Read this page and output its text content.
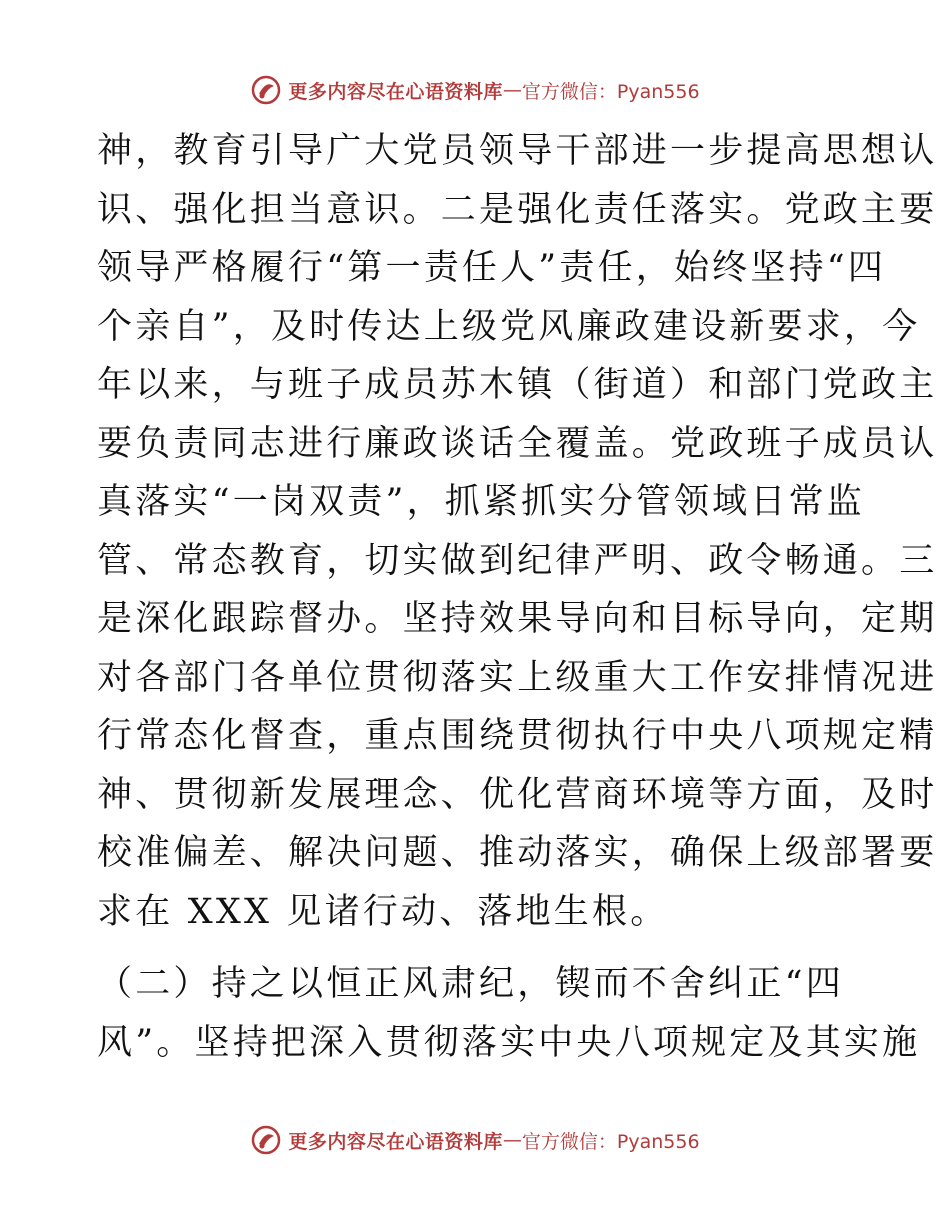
更多内容尽在心语资料库 — 官方微信：Pyan556
神，教育引导广大党员领导干部进一步提高思想认
识、强化担当意识。二是强化责任落实。党政主要
领导严格履行“第一责任人”责任，始终坚持“四
个亲自”，及时传达上级党风廉政建设新要求，今
年以来，与班子成员苏木镇（街道）和部门党政主
要负责同志进行廉政谈话全覆盖。党政班子成员认
真落实“一岗双责”，抓紧抓实分管领域日常监
管、常态教育，切实做到纪律严明、政令畅通。三
是深化跟踪督办。坚持效果导向和目标导向，定期
对各部门各单位贯彻落实上级重大工作安排情况进
行常态化督查，重点围绕贯彻执行中央八项规定精
神、贯彻新发展理念、优化营商环境等方面，及时
校准偏差、解决问题、推动落实，确保上级部署要
求在 XXX 见诸行动、落地生根。
（二）持之以恒正风肃纪，锲而不舍纠正“四
风”。坚持把深入贯彻落实中央八项规定及其实施
更多内容尽在心语资料库 — 官方微信：Pyan556
